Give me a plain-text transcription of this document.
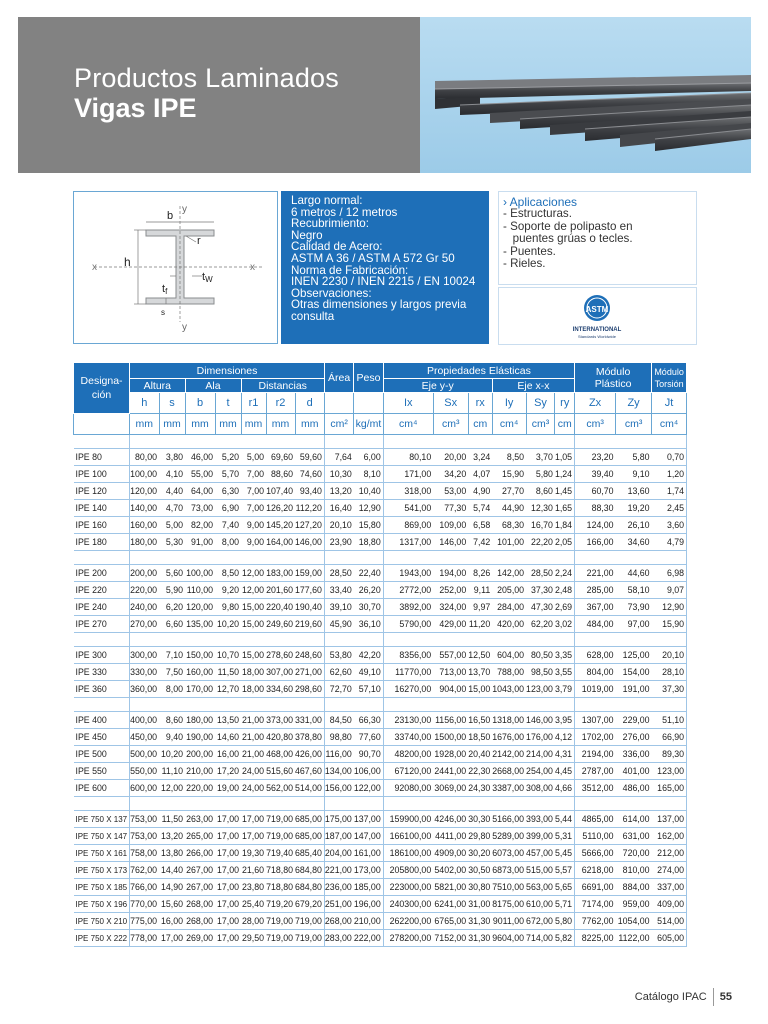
Productos Laminados
Vigas IPE
y
b
r
x h	x
tW
tf
s
y
Largo normal:
6 metros / 12 metros
Recubrimiento:
Negro
Calidad de Acero:
ASTM A 36 / ASTM A 572 Gr 50
Norma de Fabricación:
INEN 2230 / INEN 2215 / EN 10024
Observaciones:
Otras dimensiones y largos previa
consulta
› Aplicaciones
- Estructuras.
- Soporte de polipasto en
puentes grúas o tecles.
- Puentes.
- Rieles.
ASTM
INTERNATIONAL
Standards Worldwide
Designa-
ción	Dimensiones							Área	Peso	Propiedades Elásticas						Módulo
Plástico		Módulo
Torsión
	Altura		Ala		Distancias					Eje y-y			Eje x-x					
	h	s	b	t	r1	r2	d			Ix	Sx	rx	Iy	Sy	ry	Zx	Zy	Jt
	mm	mm	mm	mm	mm	mm	mm	cm²	kg/mt	cm⁴	cm³	cm	cm⁴	cm³	cm	cm³	cm³	cm⁴

IPE 80	80,00	3,80	46,00	5,20	5,00	69,60	59,60	7,64	6,00	80,10	20,00	3,24	8,50	3,70	1,05	23,20	5,80	0,70
IPE 100	100,00	4,10	55,00	5,70	7,00	88,60	74,60	10,30	8,10	171,00	34,20	4,07	15,90	5,80	1,24	39,40	9,10	1,20
IPE 120	120,00	4,40	64,00	6,30	7,00	107,40	93,40	13,20	10,40	318,00	53,00	4,90	27,70	8,60	1,45	60,70	13,60	1,74
IPE 140	140,00	4,70	73,00	6,90	7,00	126,20	112,20	16,40	12,90	541,00	77,30	5,74	44,90	12,30	1,65	88,30	19,20	2,45
IPE 160	160,00	5,00	82,00	7,40	9,00	145,20	127,20	20,10	15,80	869,00	109,00	6,58	68,30	16,70	1,84	124,00	26,10	3,60
IPE 180	180,00	5,30	91,00	8,00	9,00	164,00	146,00	23,90	18,80	1317,00	146,00	7,42	101,00	22,20	2,05	166,00	34,60	4,79

IPE 200	200,00	5,60	100,00	8,50	12,00	183,00	159,00	28,50	22,40	1943,00	194,00	8,26	142,00	28,50	2,24	221,00	44,60	6,98
IPE 220	220,00	5,90	110,00	9,20	12,00	201,60	177,60	33,40	26,20	2772,00	252,00	9,11	205,00	37,30	2,48	285,00	58,10	9,07
IPE 240	240,00	6,20	120,00	9,80	15,00	220,40	190,40	39,10	30,70	3892,00	324,00	9,97	284,00	47,30	2,69	367,00	73,90	12,90
IPE 270	270,00	6,60	135,00	10,20	15,00	249,60	219,60	45,90	36,10	5790,00	429,00	11,20	420,00	62,20	3,02	484,00	97,00	15,90

IPE 300	300,00	7,10	150,00	10,70	15,00	278,60	248,60	53,80	42,20	8356,00	557,00	12,50	604,00	80,50	3,35	628,00	125,00	20,10
IPE 330	330,00	7,50	160,00	11,50	18,00	307,00	271,00	62,60	49,10	11770,00	713,00	13,70	788,00	98,50	3,55	804,00	154,00	28,10
IPE 360	360,00	8,00	170,00	12,70	18,00	334,60	298,60	72,70	57,10	16270,00	904,00	15,00	1043,00	123,00	3,79	1019,00	191,00	37,30

IPE 400	400,00	8,60	180,00	13,50	21,00	373,00	331,00	84,50	66,30	23130,00	1156,00	16,50	1318,00	146,00	3,95	1307,00	229,00	51,10
IPE 450	450,00	9,40	190,00	14,60	21,00	420,80	378,80	98,80	77,60	33740,00	1500,00	18,50	1676,00	176,00	4,12	1702,00	276,00	66,90
IPE 500	500,00	10,20	200,00	16,00	21,00	468,00	426,00	116,00	90,70	48200,00	1928,00	20,40	2142,00	214,00	4,31	2194,00	336,00	89,30
IPE 550	550,00	11,10	210,00	17,20	24,00	515,60	467,60	134,00	106,00	67120,00	2441,00	22,30	2668,00	254,00	4,45	2787,00	401,00	123,00
IPE 600	600,00	12,00	220,00	19,00	24,00	562,00	514,00	156,00	122,00	92080,00	3069,00	24,30	3387,00	308,00	4,66	3512,00	486,00	165,00

IPE 750 X 137	753,00	11,50	263,00	17,00	17,00	719,00	685,00	175,00	137,00	159900,00	4246,00	30,30	5166,00	393,00	5,44	4865,00	614,00	137,00
IPE 750 X 147	753,00	13,20	265,00	17,00	17,00	719,00	685,00	187,00	147,00	166100,00	4411,00	29,80	5289,00	399,00	5,31	5110,00	631,00	162,00
IPE 750 X 161	758,00	13,80	266,00	17,00	19,30	719,40	685,40	204,00	161,00	186100,00	4909,00	30,20	6073,00	457,00	5,45	5666,00	720,00	212,00
IPE 750 X 173	762,00	14,40	267,00	17,00	21,60	718,80	684,80	221,00	173,00	205800,00	5402,00	30,50	6873,00	515,00	5,57	6218,00	810,00	274,00
IPE 750 X 185	766,00	14,90	267,00	17,00	23,80	718,80	684,80	236,00	185,00	223000,00	5821,00	30,80	7510,00	563,00	5,65	6691,00	884,00	337,00
IPE 750 X 196	770,00	15,60	268,00	17,00	25,40	719,20	679,20	251,00	196,00	240300,00	6241,00	31,00	8175,00	610,00	5,71	7174,00	959,00	409,00
IPE 750 X 210	775,00	16,00	268,00	17,00	28,00	719,00	719,00	268,00	210,00	262200,00	6765,00	31,30	9011,00	672,00	5,80	7762,00	1054,00	514,00
IPE 750 X 222	778,00	17,00	269,00	17,00	29,50	719,00	719,00	283,00	222,00	278200,00	7152,00	31,30	9604,00	714,00	5,82	8225,00	1122,00	605,00
Catálogo IPAC 55
